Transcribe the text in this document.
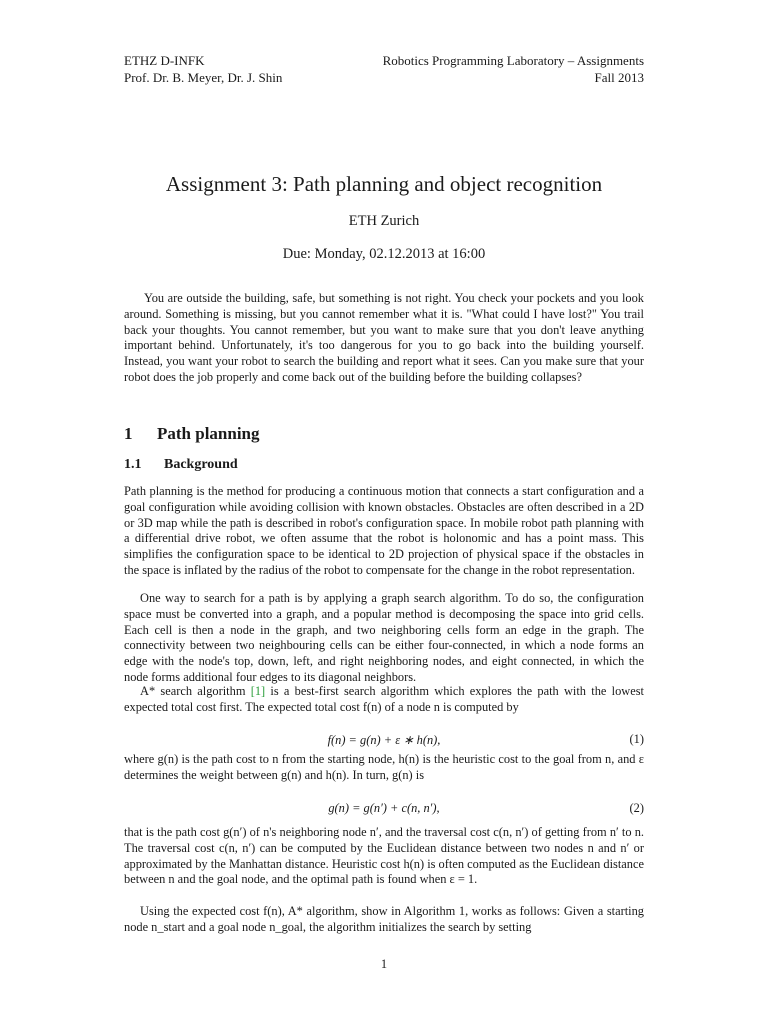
ETHZ D-INFK
Prof. Dr. B. Meyer, Dr. J. Shin
Robotics Programming Laboratory – Assignments
Fall 2013
Assignment 3: Path planning and object recognition
ETH Zurich
Due: Monday, 02.12.2013 at 16:00
You are outside the building, safe, but something is not right. You check your pockets and you look around. Something is missing, but you cannot remember what it is. "What could I have lost?" You trail back your thoughts. You cannot remember, but you want to make sure that you don't leave anything important behind. Unfortunately, it's too dangerous for you to go back into the building yourself. Instead, you want your robot to search the building and report what it sees. Can you make sure that your robot does the job properly and come back out of the building before the building collapses?
1 Path planning
1.1 Background

Path planning is the method for producing a continuous motion that connects a start configuration and a goal configuration while avoiding collision with known obstacles. Obstacles are often described in a 2D or 3D map while the path is described in robot's configuration space. In mobile robot path planning with a differential drive robot, we often assume that the robot is holonomic and has a point mass. This simplifies the configuration space to be identical to 2D projection of physical space if the obstacles in the space is inflated by the radius of the robot to compensate for the change in the robot representation.

One way to search for a path is by applying a graph search algorithm. To do so, the configuration space must be converted into a graph, and a popular method is decomposing the space into grid cells. Each cell is then a node in the graph, and two neighboring cells form an edge in the graph. The connectivity between two neighbouring cells can be either four-connected, in which a node forms an edge with the node's top, down, left, and right neighboring nodes, and eight connected, in which the node forms additional four edges to its diagonal neighbors.

A* search algorithm [1] is a best-first search algorithm which explores the path with the lowest expected total cost first. The expected total cost f(n) of a node n is computed by

f(n) = g(n) + ε ∗ h(n),	(1)

where g(n) is the path cost to n from the starting node, h(n) is the heuristic cost to the goal from n, and ε determines the weight between g(n) and h(n). In turn, g(n) is

g(n) = g(n′) + c(n, n′),	(2)

that is the path cost g(n′) of n's neighboring node n′, and the traversal cost c(n, n′) of getting from n′ to n. The traversal cost c(n, n′) can be computed by the Euclidean distance between two nodes n and n′ or approximated by the Manhattan distance. Heuristic cost h(n) is often computed as the Euclidean distance between n and the goal node, and the optimal path is found when ε = 1.

Using the expected cost f(n), A* algorithm, show in Algorithm 1, works as follows: Given a starting node n_start and a goal node n_goal, the algorithm initializes the search by setting

1
